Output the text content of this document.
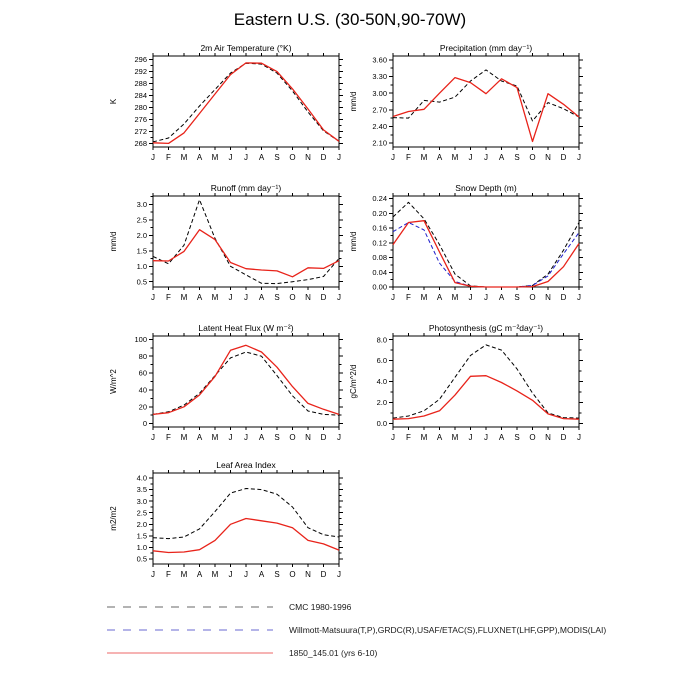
Eastern U.S. (30-50N,90-70W)
2m Air Temperature (°K)
K
268
272
276
280
284
288
292
296
J F M A M J J A S O N D J
Precipitation (mm day⁻¹)
mm/d
2.10
2.40
2.70
3.00
3.30
3.60
J F M A M J J A S O N D J
Runoff (mm day⁻¹)
mm/d
0.5
1.0
1.5
2.0
2.5
3.0
J F M A M J J A S O N D J
Snow Depth (m)
mm/d
0.00
0.04
0.08
0.12
0.16
0.20
0.24
J F M A M J J A S O N D J
Latent Heat Flux (W m⁻²)
W/m^2
0
20
40
60
80
100
J F M A M J J A S O N D J
Photosynthesis (gC m⁻²day⁻¹)
gC/m^2/d
0.0
2.0
4.0
6.0
8.0
J F M A M J J A S O N D J
Leaf Area Index
m2/m2
0.5
1.0
1.5
2.0
2.5
3.0
3.5
4.0
J F M A M J J A S O N D J
CMC 1980-1996
Willmott-Matsuura(T,P),GRDC(R),USAF/ETAC(S),FLUXNET(LHF,GPP),MODIS(LAI)
1850_145.01 (yrs 6-10)
